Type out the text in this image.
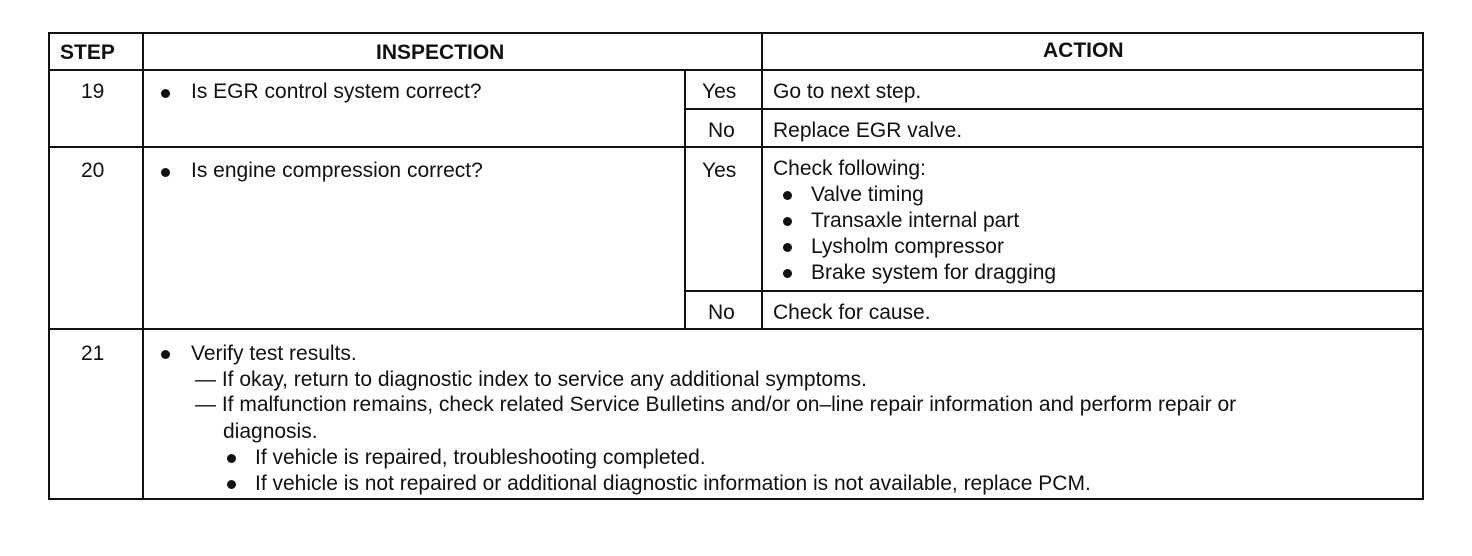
STEP	INSPECTION	ACTION
19	Is EGR control system correct?	Yes Go to next step.
No Replace EGR valve.
20	Is engine compression correct?	Yes Check following:
Valve timing
Transaxle internal part
Lysholm compressor
Brake system for dragging
No Check for cause.
21	Verify test results.
— If okay, return to diagnostic index to service any additional symptoms.
— If malfunction remains, check related Service Bulletins and/or on–line repair information and perform repair or
diagnosis.
If vehicle is repaired, troubleshooting completed.
If vehicle is not repaired or additional diagnostic information is not available, replace PCM.
